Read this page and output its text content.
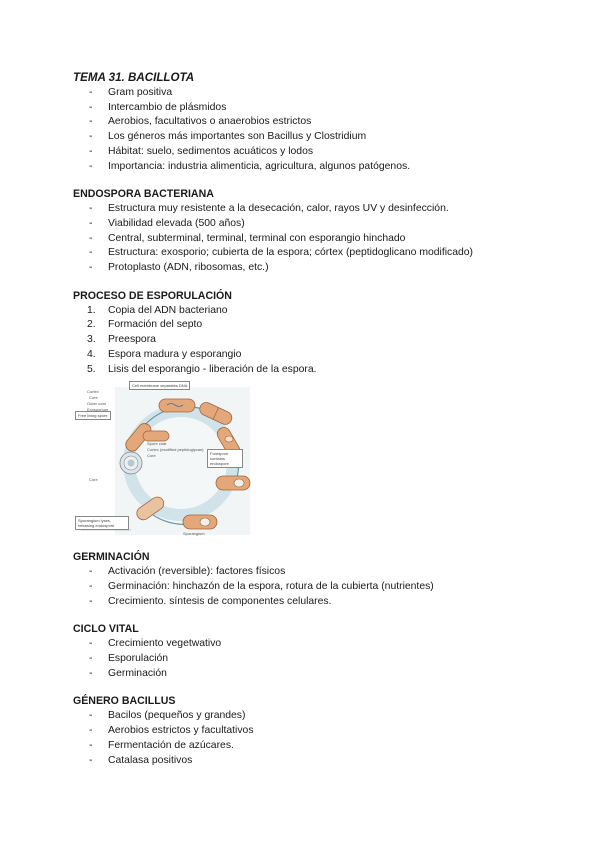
TEMA 31. BACILLOTA

- Gram positiva
- Intercambio de plásmidos
- Aerobios, facultativos o anaerobios estrictos
- Los géneros más importantes son Bacillus y Clostridium
- Hábitat: suelo, sedimentos acuáticos y lodos
- Importancia: industria alimenticia, agricultura, algunos patógenos.

ENDOSPORA BACTERIANA

- Estructura muy resistente a la desecación, calor, rayos UV y desinfección.
- Viabilidad elevada (500 años)
- Central, subterminal, terminal, terminal con esporangio hinchado
- Estructura: exosporio; cubierta de la espora; córtex (peptidoglicano modificado)
- Protoplasto (ADN, ribosomas, etc.)

PROCESO DE ESPORULACIÓN

1. Copia del ADN bacteriano
2. Formación del septo
3. Preespora
4. Espora madura y esporangio
5. Lisis del esporangio - liberación de la espora.
Cell membrane separates DNA
Free living spore
Forespore contains endospore
Sporangium lyses, releasing endospore
Cortex
Core
Outer coat
Exosporium
Spore coat
Cortex (modified peptidoglycan)
Core
Core
Sporangium

GERMINACIÓN

- Activación (reversible): factores físicos
- Germinación: hinchazón de la espora, rotura de la cubierta (nutrientes)
- Crecimiento. síntesis de componentes celulares.

CICLO VITAL

- Crecimiento vegetwativo
- Esporulación
- Germinación

GÉNERO BACILLUS

- Bacilos (pequeños y grandes)
- Aerobios estrictos y facultativos
- Fermentación de azúcares.
- Catalasa positivos
